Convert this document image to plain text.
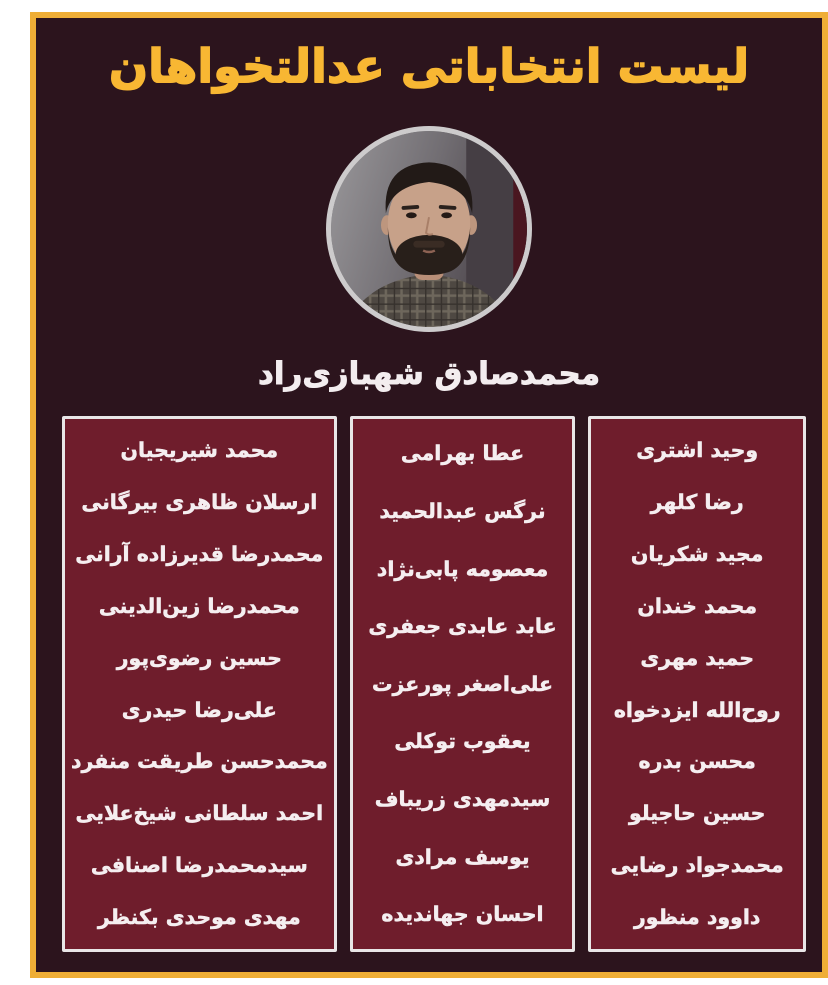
لیست انتخاباتی عدالتخواهان
محمدصادق شهبازی‌راد
وحید اشتری
رضا کلهر
مجید شکریان
محمد خندان
حمید مهری
روح‌الله ایزدخواه
محسن بدره
حسین حاجیلو
محمدجواد رضایی
داوود منظور
عطا بهرامی
نرگس عبدالحمید
معصومه پابی‌نژاد
عابد عابدی جعفری
علی‌اصغر پورعزت
یعقوب توکلی
سیدمهدی زریباف
یوسف مرادی
احسان جهاندیده
محمد شیریجیان
ارسلان ظاهری بیرگانی
محمدرضا قدیرزاده آرانی
محمدرضا زین‌الدینی
حسین رضوی‌پور
علی‌رضا حیدری
محمدحسن طریقت منفرد
احمد سلطانی شیخ‌علایی
سیدمحمدرضا اصنافی
مهدی موحدی بکنظر
